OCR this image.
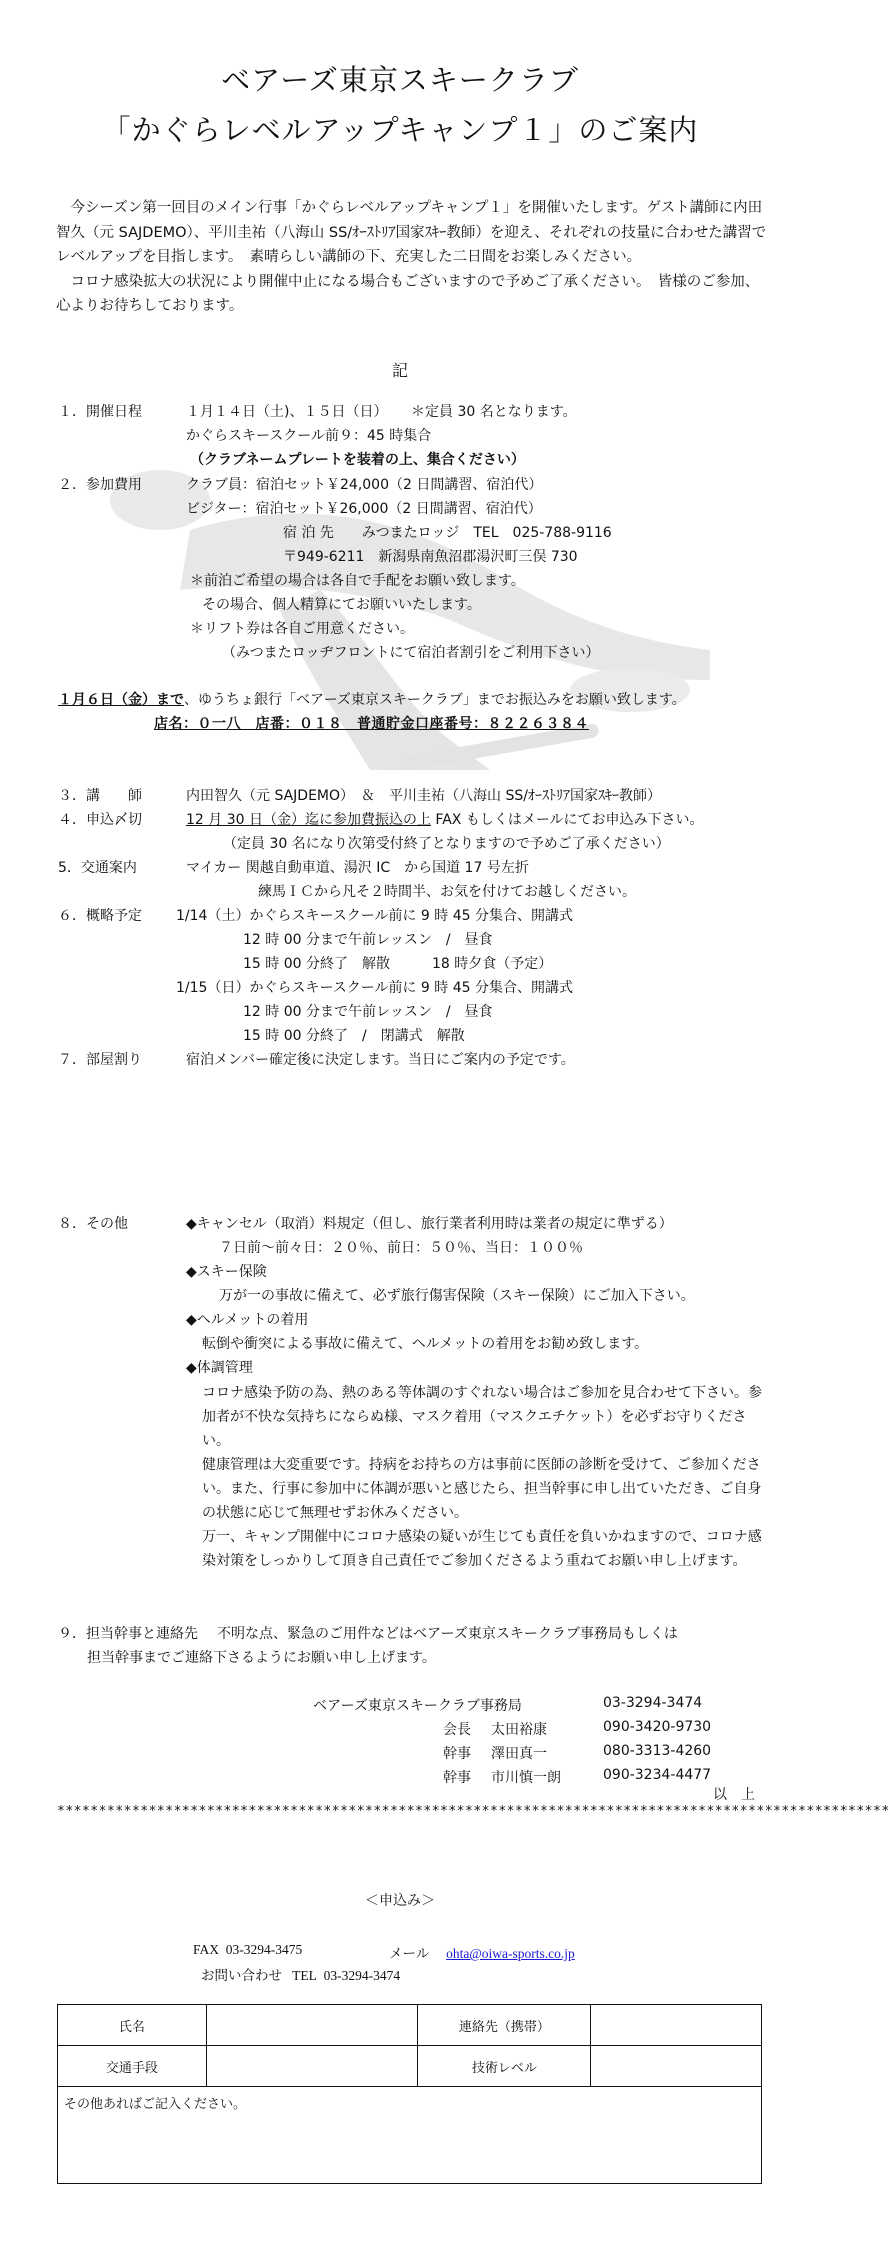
ベアーズ東京スキークラブ
「かぐらレベルアップキャンプ１」のご案内
　今シーズン第一回目のメイン行事「かぐらレベルアップキャンプ１」を開催いたします。ゲスト講師に内田智久（元 SAJDEMO）、平川圭祐（八海山 SS/ｵｰｽﾄﾘｱ国家ｽｷｰ教師）を迎え、それぞれの技量に合わせた講習でレベルアップを目指します。　素晴らしい講師の下、充実した二日間をお楽しみください。
　コロナ感染拡大の状況により開催中止になる場合もございますので予めご了承ください。　皆様のご参加、心よりお待ちしております。
記
１．開催日程	１月１４日（土)、１５日（日） ＊定員 30 名となります。
かぐらスキースクール前９：45 時集合
（クラブネームプレートを装着の上、集合ください）
２．参加費用	クラブ員：宿泊セット￥24,000（2 日間講習、宿泊代）
ビジター：宿泊セット￥26,000（2 日間講習、宿泊代）
宿 泊 先　　みつまたロッジ　TEL　025-788-9116
〒949-6211　新潟県南魚沼郡湯沢町三俣 730
＊前泊ご希望の場合は各自で手配をお願い致します。
その場合、個人精算にてお願いいたします。
＊リフト券は各自ご用意ください。
（みつまたロッヂフロントにて宿泊者割引をご利用下さい）
１月６日（金）まで、ゆうちょ銀行「ベアーズ東京スキークラブ」までお振込みをお願い致します。
店名：０一八　店番：０１８　普通貯金口座番号：８２２６３８４
３．講　　師	内田智久（元 SAJDEMO）　＆　平川圭祐（八海山 SS/ｵｰｽﾄﾘｱ国家ｽｷｰ教師）
４．申込〆切	12 月 30 日（金）迄に参加費振込の上 FAX もしくはメールにてお申込み下さい。
（定員 30 名になり次第受付終了となりますので予めご了承ください）
5．交通案内	マイカー 関越自動車道、湯沢 IC　から国道 17 号左折
練馬ＩＣから凡そ２時間半、お気を付けてお越しください。
６．概略予定 1/14（土）かぐらスキースクール前に 9 時 45 分集合、開講式
12 時 00 分まで午前レッスン　/　昼食
15 時 00 分終了　解散　　　18 時夕食（予定）
1/15（日）かぐらスキースクール前に 9 時 45 分集合、開講式
12 時 00 分まで午前レッスン　/　昼食
15 時 00 分終了　/　閉講式　解散
７．部屋割り	宿泊メンバー確定後に決定します。当日にご案内の予定です。
８．その他	◆キャンセル（取消）料規定（但し、旅行業者利用時は業者の規定に準ずる）
７日前～前々日：２０％、前日：５０％、当日：１００％
◆スキー保険
万が一の事故に備えて、必ず旅行傷害保険（スキー保険）にご加入下さい。
◆ヘルメットの着用
転倒や衝突による事故に備えて、ヘルメットの着用をお勧め致します。
◆体調管理
コロナ感染予防の為、熱のある等体調のすぐれない場合はご参加を見合わせて下さい。参加者が不快な気持ちにならぬ様、マスク着用（マスクエチケット）を必ずお守りください。
健康管理は大変重要です。持病をお持ちの方は事前に医師の診断を受けて、ご参加ください。また、行事に参加中に体調が悪いと感じたら、担当幹事に申し出ていただき、ご自身の状態に応じて無理せずお休みください。
万一、キャンプ開催中にコロナ感染の疑いが生じても責任を負いかねますので、コロナ感染対策をしっかりして頂き自己責任でご参加くださるよう重ねてお願い申し上げます。
９．担当幹事と連絡先 不明な点、緊急のご用件などはベアーズ東京スキークラブ事務局もしくは
担当幹事までご連絡下さるようにお願い申し上げます。
ベアーズ東京スキークラブ事務局	03-3294-3474
会長 太田裕康	090-3420-9730
幹事 澤田真一	080-3313-4260
幹事 市川慎一朗	090-3234-4477
以　上
****************************************************************************************************
＜申込み＞
FAX 03-3294-3475	メール ohta@oiwa-sports.co.jp
お問い合わせ TEL 03-3294-3474
氏名		連絡先（携帯）	
交通手段		技術レベル	
その他あればご記入ください。			
